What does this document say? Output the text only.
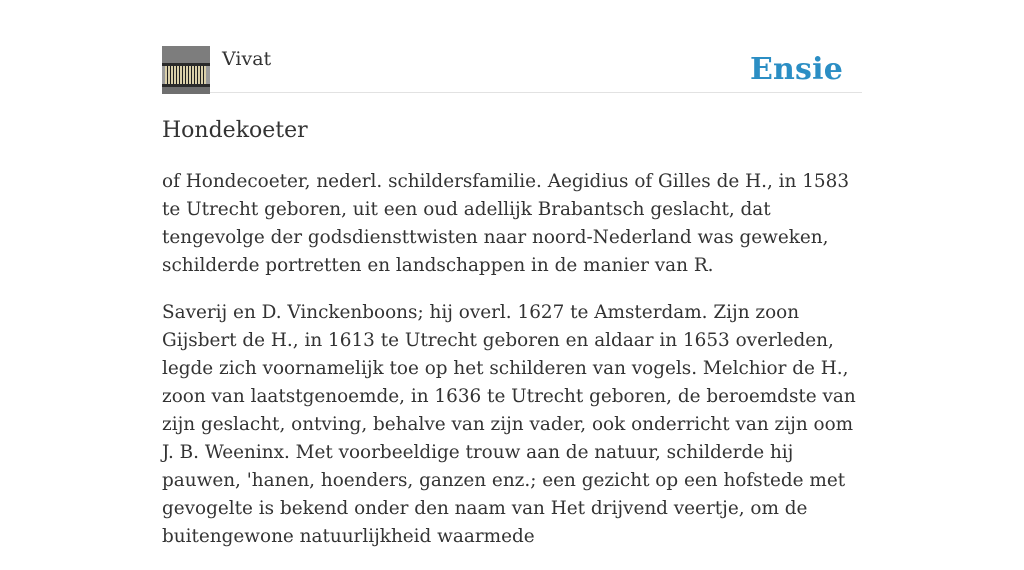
Vivat	Ensie
Hondekoeter

of Hondecoeter, nederl. schildersfamilie. Aegidius of Gilles de H., in 1583 te Utrecht geboren, uit een oud adellijk Brabantsch geslacht, dat tengevolge der godsdiensttwisten naar noord-Nederland was geweken, schilderde portretten en landschappen in de manier van R.

Saverij en D. Vinckenboons; hij overl. 1627 te Amsterdam. Zijn zoon Gijsbert de H., in 1613 te Utrecht geboren en aldaar in 1653 overleden, legde zich voornamelijk toe op het schilderen van vogels. Melchior de H., zoon van laatstgenoemde, in 1636 te Utrecht geboren, de beroemdste van zijn geslacht, ontving, behalve van zijn vader, ook onderricht van zijn oom J. B. Weeninx. Met voorbeeldige trouw aan de natuur, schilderde hij pauwen, 'hanen, hoenders, ganzen enz.; een gezicht op een hofstede met gevogelte is bekend onder den naam van Het drijvend veertje, om de buitengewone natuurlijkheid waarmede
